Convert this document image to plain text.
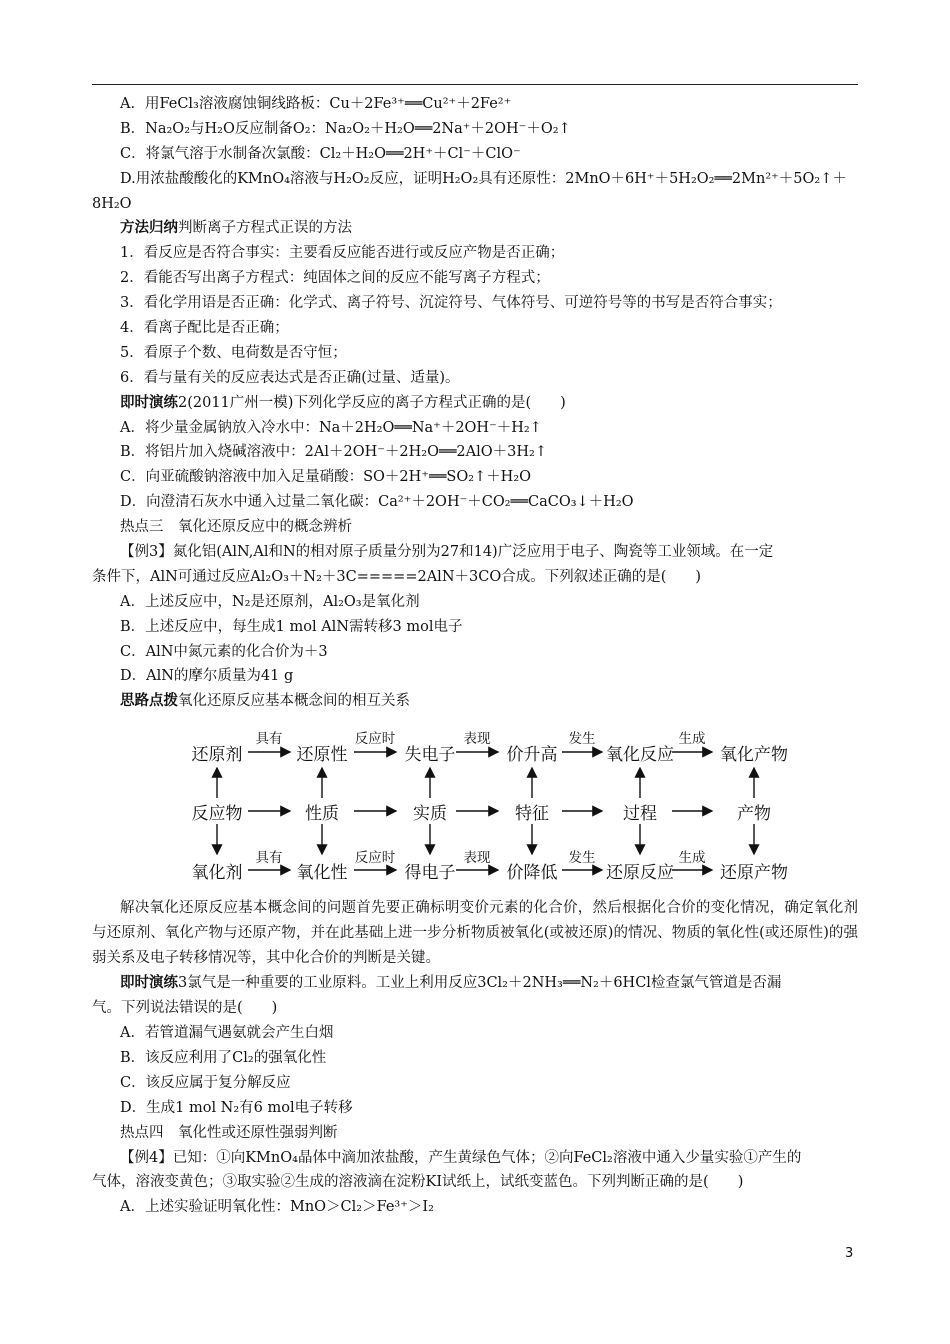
A．用FeCl₃溶液腐蚀铜线路板：Cu＋2Fe³⁺══Cu²⁺＋2Fe²⁺
B．Na₂O₂与H₂O反应制备O₂：Na₂O₂＋H₂O══2Na⁺＋2OH⁻＋O₂↑
C．将氯气溶于水制备次氯酸：Cl₂＋H₂O══2H⁺＋Cl⁻＋ClO⁻
D.用浓盐酸酸化的KMnO₄溶液与H₂O₂反应，证明H₂O₂具有还原性：2MnO＋6H⁺＋5H₂O₂══2Mn²⁺＋5O₂↑＋
8H₂O
方法归纳判断离子方程式正误的方法
1．看反应是否符合事实：主要看反应能否进行或反应产物是否正确；
2．看能否写出离子方程式：纯固体之间的反应不能写离子方程式；
3．看化学用语是否正确：化学式、离子符号、沉淀符号、气体符号、可逆符号等的书写是否符合事实；
4．看离子配比是否正确；
5．看原子个数、电荷数是否守恒；
6．看与量有关的反应表达式是否正确(过量、适量)。
即时演练2(2011广州一模)下列化学反应的离子方程式正确的是(　　)
A．将少量金属钠放入冷水中：Na＋2H₂O══Na⁺＋2OH⁻＋H₂↑
B．将铝片加入烧碱溶液中：2Al＋2OH⁻＋2H₂O══2AlO＋3H₂↑
C．向亚硫酸钠溶液中加入足量硝酸：SO＋2H⁺══SO₂↑＋H₂O
D．向澄清石灰水中通入过量二氧化碳：Ca²⁺＋2OH⁻＋CO₂══CaCO₃↓＋H₂O
热点三　氧化还原反应中的概念辨析
【例3】氮化铝(AlN,Al和N的相对原子质量分别为27和14)广泛应用于电子、陶瓷等工业领域。在一定
条件下，AlN可通过反应Al₂O₃＋N₂＋3C=====2AlN＋3CO合成。下列叙述正确的是(　　)
A．上述反应中，N₂是还原剂，Al₂O₃是氧化剂
B．上述反应中，每生成1 mol AlN需转移3 mol电子
C．AlN中氮元素的化合价为＋3
D．AlN的摩尔质量为41 g
思路点拨氧化还原反应基本概念间的相互关系
还原剂	还原性	失电子	价升高	氧化反应	氧化产物
反应物	性质	实质	特征	过程	产物
氧化剂	氧化性	得电子	价降低	还原反应	还原产物
具有	反应时	表现	发生	生成
具有	反应时	表现	发生	生成
解决氧化还原反应基本概念间的问题首先要正确标明变价元素的化合价，然后根据化合价的变化情况，确定氧化剂与还原剂、氧化产物与还原产物，并在此基础上进一步分析物质被氧化(或被还原)的情况、物质的氧化性(或还原性)的强弱关系及电子转移情况等，其中化合价的判断是关键。
即时演练3氯气是一种重要的工业原料。工业上利用反应3Cl₂＋2NH₃══N₂＋6HCl检查氯气管道是否漏
气。下列说法错误的是(　　)
A．若管道漏气遇氨就会产生白烟
B．该反应利用了Cl₂的强氧化性
C．该反应属于复分解反应
D．生成1 mol N₂有6 mol电子转移
热点四　氧化性或还原性强弱判断
【例4】已知：①向KMnO₄晶体中滴加浓盐酸，产生黄绿色气体；②向FeCl₂溶液中通入少量实验①产生的
气体，溶液变黄色；③取实验②生成的溶液滴在淀粉KI试纸上，试纸变蓝色。下列判断正确的是(　　)
A．上述实验证明氧化性：MnO＞Cl₂＞Fe³⁺＞I₂
3
